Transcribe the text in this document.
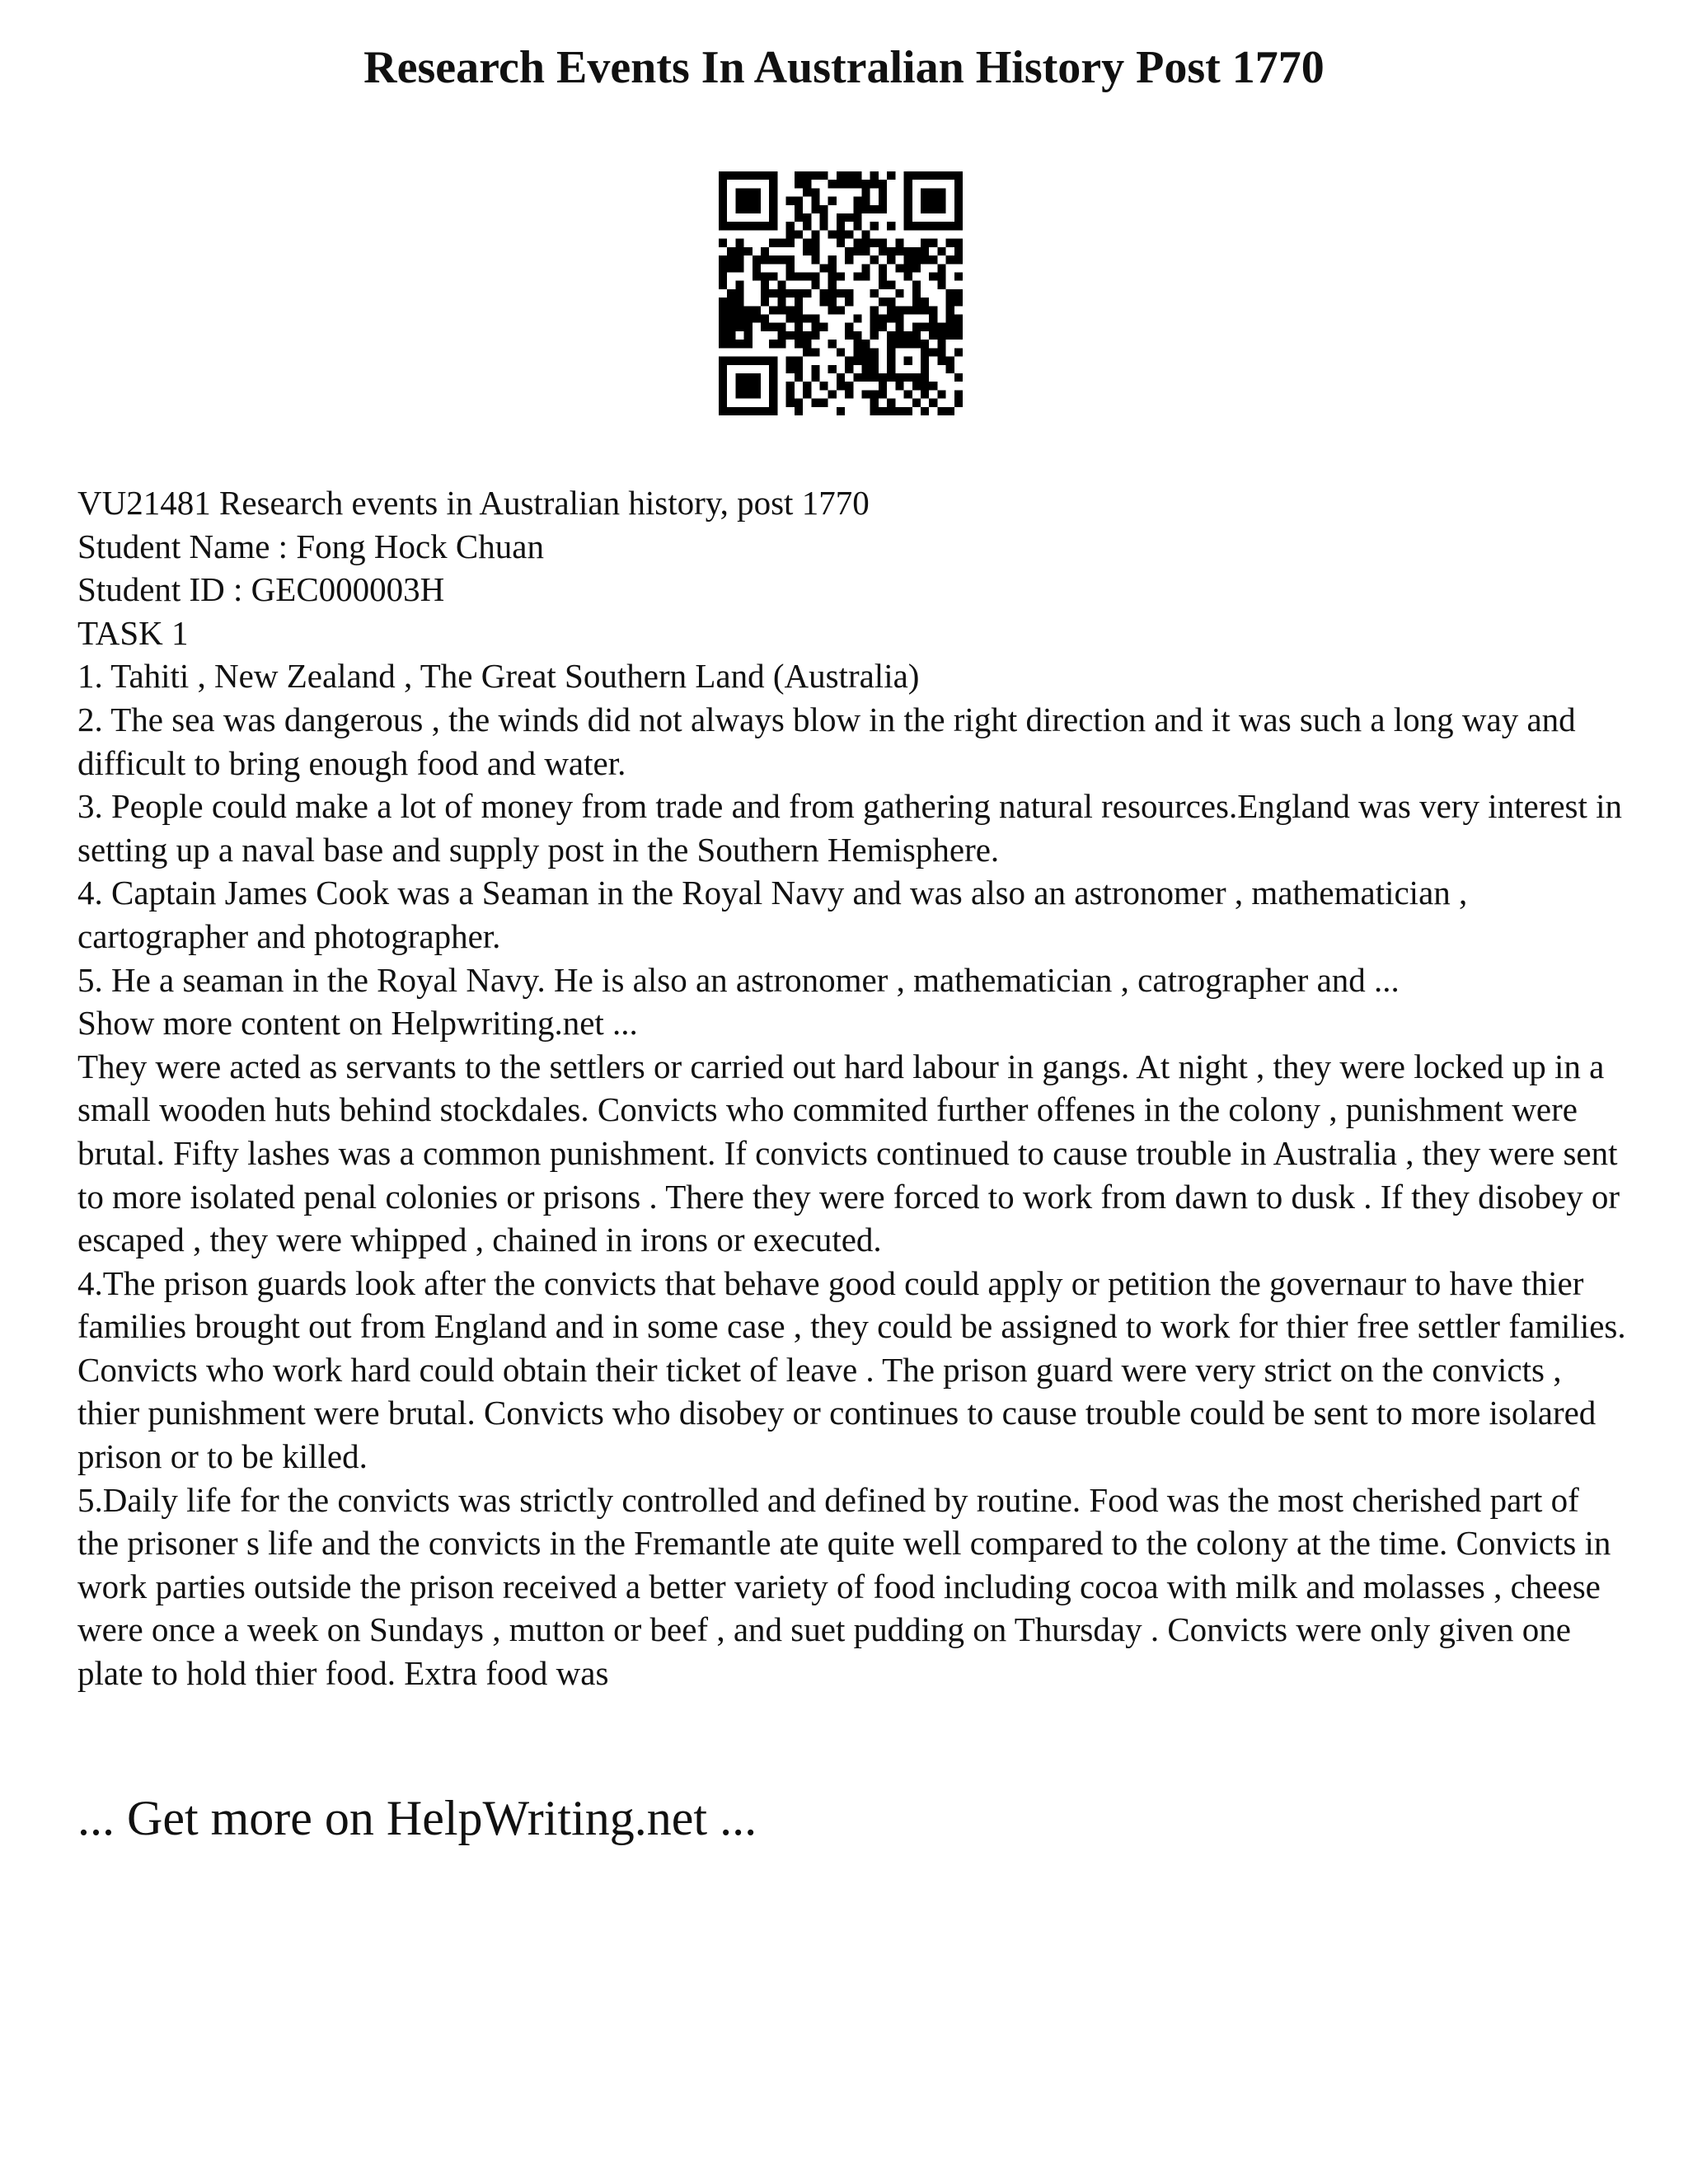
Research Events In Australian History Post 1770

VU21481 Research events in Australian history, post 1770

Student Name : Fong Hock Chuan

Student ID : GEC000003H

TASK 1

1. Tahiti , New Zealand , The Great Southern Land (Australia)

2. The sea was dangerous , the winds did not always blow in the right direction and it was such a long way and difficult to bring enough food and water.

3. People could make a lot of money from trade and from gathering natural resources.England was very interest in setting up a naval base and supply post in the Southern Hemisphere.

4. Captain James Cook was a Seaman in the Royal Navy and was also an astronomer , mathematician , cartographer and photographer.

5. He a seaman in the Royal Navy. He is also an astronomer , mathematician , catrographer and ...

Show more content on Helpwriting.net ...

They were acted as servants to the settlers or carried out hard labour in gangs. At night , they were locked up in a small wooden huts behind stockdales. Convicts who commited further offenes in the colony , punishment were brutal. Fifty lashes was a common punishment. If convicts continued to cause trouble in Australia , they were sent to more isolated penal colonies or prisons . There they were forced to work from dawn to dusk . If they disobey or escaped , they were whipped , chained in irons or executed.

4.The prison guards look after the convicts that behave good could apply or petition the governaur to have thier families brought out from England and in some case , they could be assigned to work for thier free settler families. Convicts who work hard could obtain their ticket of leave . The prison guard were very strict on the convicts , thier punishment were brutal. Convicts who disobey or continues to cause trouble could be sent to more isolared prison or to be killed.

5.Daily life for the convicts was strictly controlled and defined by routine. Food was the most cherished part of the prisoner s life and the convicts in the Fremantle ate quite well compared to the colony at the time. Convicts in work parties outside the prison received a better variety of food including cocoa with milk and molasses , cheese were once a week on Sundays , mutton or beef , and suet pudding on Thursday . Convicts were only given one plate to hold thier food. Extra food was

... Get more on HelpWriting.net ...
